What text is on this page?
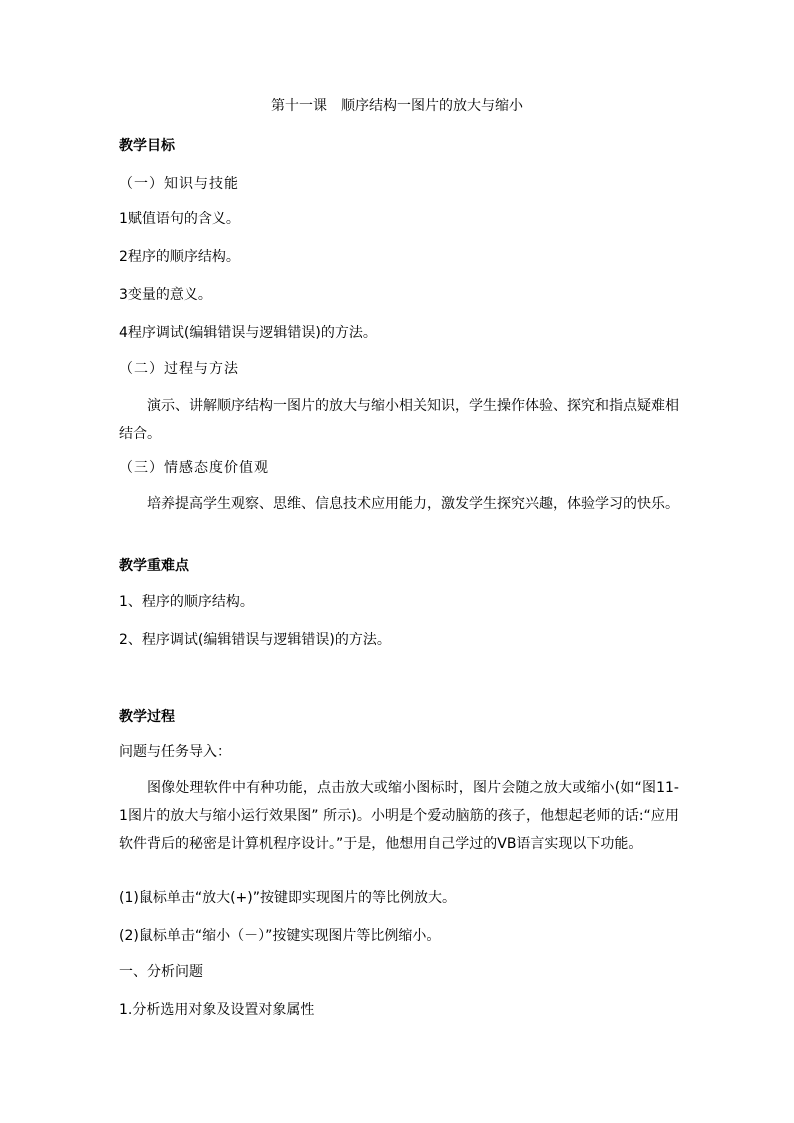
第十一课　顺序结构一图片的放大与缩小
教学目标
（一）知识与技能
1赋值语句的含义。
2程序的顺序结构。
3变量的意义。
4程序调试(编辑错误与逻辑错误)的方法。
（二）过程与方法
演示、讲解顺序结构一图片的放大与缩小相关知识，学生操作体验、探究和指点疑难相结合。
（三）情感态度价值观
培养提高学生观察、思维、信息技术应用能力，激发学生探究兴趣，体验学习的快乐。
教学重难点
1、程序的顺序结构。
2、程序调试(编辑错误与逻辑错误)的方法。
教学过程
问题与任务导入：
图像处理软件中有种功能，点击放大或缩小图标时，图片会随之放大或缩小(如“图11-1图片的放大与缩小运行效果图” 所示)。小明是个爱动脑筋的孩子，他想起老师的话:“应用软件背后的秘密是计算机程序设计。”于是，他想用自己学过的VB语言实现以下功能。
(1)鼠标单击“放大(+)”按键即实现图片的等比例放大。
(2)鼠标单击“缩小（－）”按键实现图片等比例缩小。
一、分析问题
1.分析选用对象及设置对象属性
